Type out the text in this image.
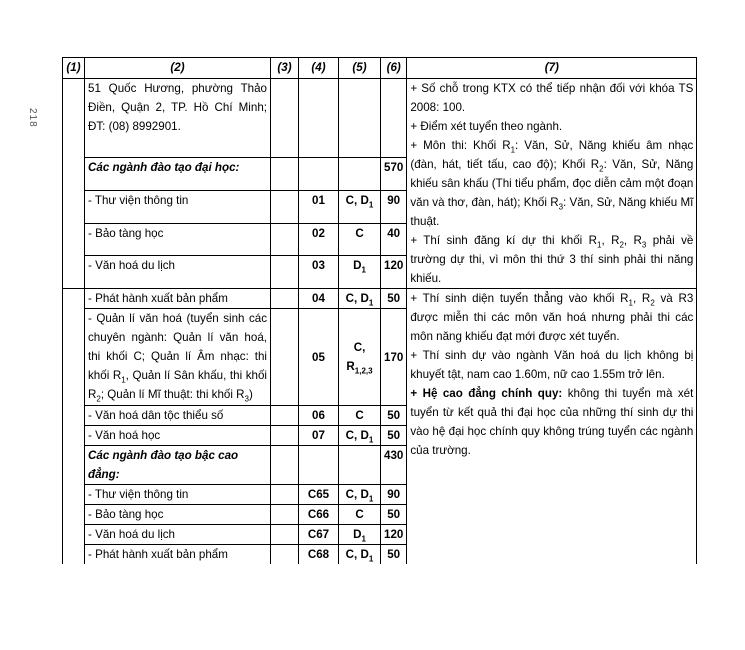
218
(1)	(2)	(3)	(4)	(5)	(6)	(7)
	51 Quốc Hương, phường Thảo Điền, Quận 2, TP. Hồ Chí Minh; ĐT: (08) 8992901.					+ Số chỗ trong KTX có thể tiếp nhận đối với khóa TS 2008: 100.

+ Điểm xét tuyển theo ngành.

+ Môn thi: Khối $R_1$: Văn, Sử, Năng khiếu âm nhạc (đàn, hát, tiết tấu, cao độ); Khối $R_2$: Văn, Sử, Năng khiếu sân khấu (Thi tiểu phẩm, đọc diễn cảm một đoạn văn và thơ, đàn, hát); Khối $R_3$: Văn, Sử, Năng khiếu Mĩ thuật.

+ Thí sinh đăng kí dự thi khối $R_1$, $R_2$, $R_3$ phải về trường dự thi, vì môn thi thứ 3 thí sinh phải thi năng khiếu.

	Các ngành đào tạo đại học:				570	
	- Thư viện thông tin		01	C, $D_1$	90	
	- Bảo tàng học		02	C	40	
	- Văn hoá du lịch		03	$D_1$	120	
	- Phát hành xuất bản phẩm		04	C, $D_1$	50	+ Thí sinh diện tuyển thẳng vào khối $R_1$, $R_2$ và R3 được miễn thi các môn văn hoá nhưng phải thi các môn năng khiếu đạt mới được xét tuyển.

+ Thí sinh dự vào ngành Văn hoá du lịch không bị khuyết tật, nam cao 1.60m, nữ cao 1.55m trở lên.

+ Hệ cao đẳng chính quy: không thi tuyển mà xét tuyển từ kết quả thi đại học của những thí sinh dự thi vào hệ đại học chính quy không trúng tuyển các ngành của trường.

	- Quản lí văn hoá (tuyển sinh các chuyên ngành: Quản lí văn hoá, thi khối C; Quản lí Âm nhạc: thi khối $R_1$, Quản lí Sân khấu, thi khối $R_2$; Quản lí Mĩ thuật: thi khối $R_3$)		05	C, $R_{1,2,3}$	170	
	- Văn hoá dân tộc thiểu số		06	C	50	
	- Văn hoá học		07	C, $D_1$	50	
	Các ngành đào tạo bậc cao đẳng:				430	
	- Thư viện thông tin		C65	C, $D_1$	90	
	- Bảo tàng học		C66	C	50	
	- Văn hoá du lịch		C67	$D_1$	120	
	- Phát hành xuất bản phẩm		C68	C, $D_1$	50	
